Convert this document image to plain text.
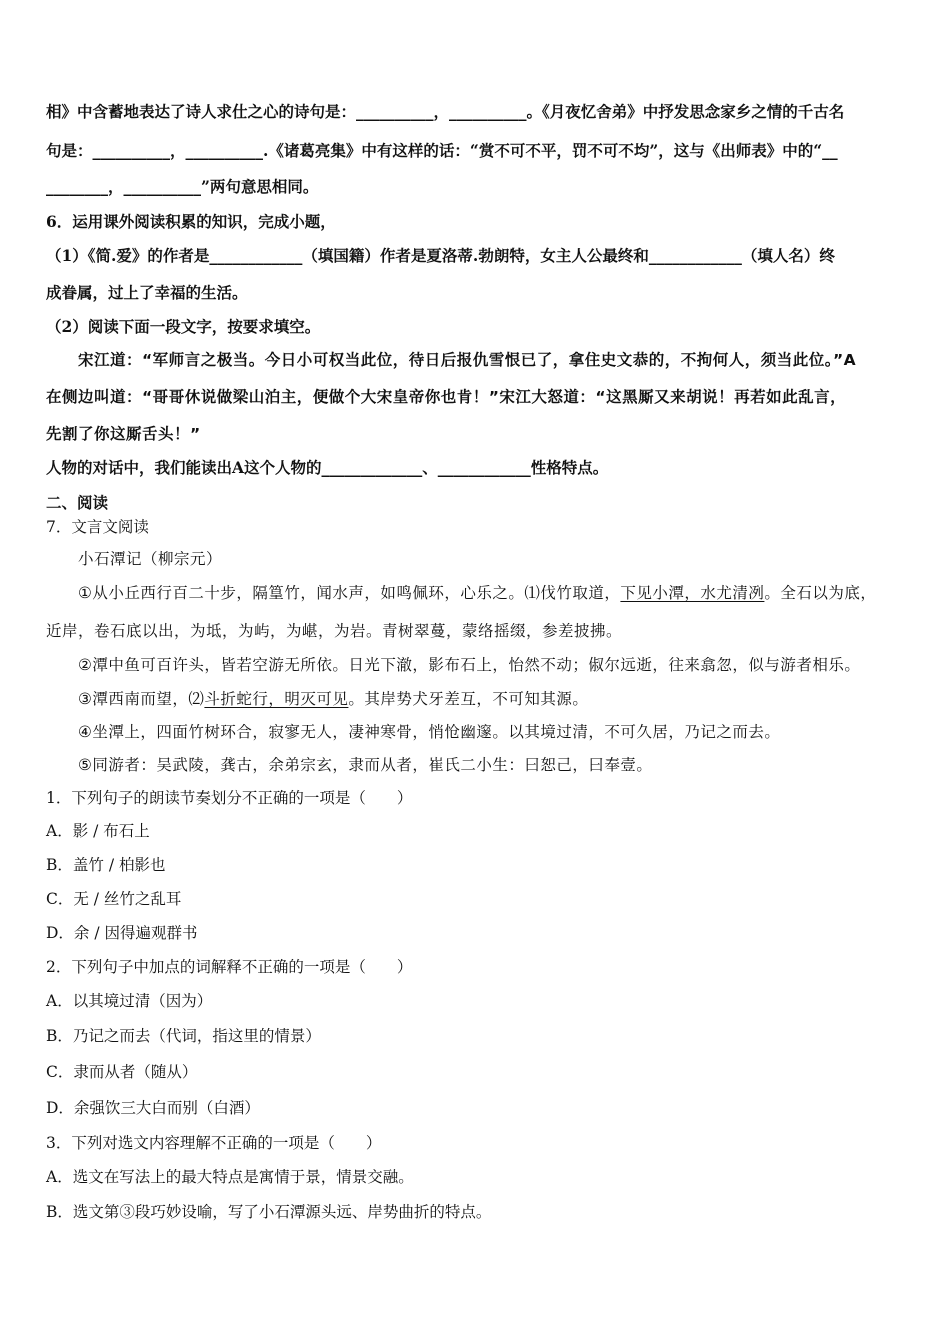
相》中含蓄地表达了诗人求仕之心的诗句是：__________，__________。《月夜忆舍弟》中抒发思念家乡之情的千古名
句是：__________，__________.《诸葛亮集》中有这样的话：“赏不可不平，罚不可不均”，这与《出师表》中的“__
________，__________”两句意思相同。
6．运用课外阅读积累的知识，完成小题，
（1）《简.爱》的作者是____________（填国籍）作者是夏洛蒂.勃朗特，女主人公最终和____________（填人名）终
成眷属，过上了幸福的生活。
（2）阅读下面一段文字，按要求填空。
宋江道：“军师言之极当。今日小可权当此位，待日后报仇雪恨已了，拿住史文恭的，不拘何人，须当此位。”A
在侧边叫道：“哥哥休说做梁山泊主，便做个大宋皇帝你也肯！”宋江大怒道：“这黑厮又来胡说！再若如此乱言，
先割了你这厮舌头！”
人物的对话中，我们能读出A这个人物的_____________、____________性格特点。
二、阅读
7．文言文阅读
小石潭记（柳宗元）
①从小丘西行百二十步，隔篁竹，闻水声，如鸣佩环，心乐之。⑴伐竹取道，下见小潭，水尤清冽。全石以为底，
近岸，卷石底以出，为坻，为屿，为嵁，为岩。青树翠蔓，蒙络摇缀，参差披拂。
②潭中鱼可百许头，皆若空游无所依。日光下澈，影布石上，怡然不动；俶尔远逝，往来翕忽，似与游者相乐。
③潭西南而望，⑵斗折蛇行，明灭可见。其岸势犬牙差互，不可知其源。
④坐潭上，四面竹树环合，寂寥无人，凄神寒骨，悄怆幽邃。以其境过清，不可久居，乃记之而去。
⑤同游者：吴武陵，龚古，余弟宗玄，隶而从者，崔氏二小生：曰恕己，曰奉壹。
1．下列句子的朗读节奏划分不正确的一项是（　　）
A．影 / 布石上
B．盖竹 / 柏影也
C．无 / 丝竹之乱耳
D．余 / 因得遍观群书
2．下列句子中加点的词解释不正确的一项是（　　）
A．以其境过清（因为）
B．乃记之而去（代词，指这里的情景）
C．隶而从者（随从）
D．余强饮三大白而别（白酒）
3．下列对选文内容理解不正确的一项是（　　）
A．选文在写法上的最大特点是寓情于景，情景交融。
B．选文第③段巧妙设喻，写了小石潭源头远、岸势曲折的特点。
